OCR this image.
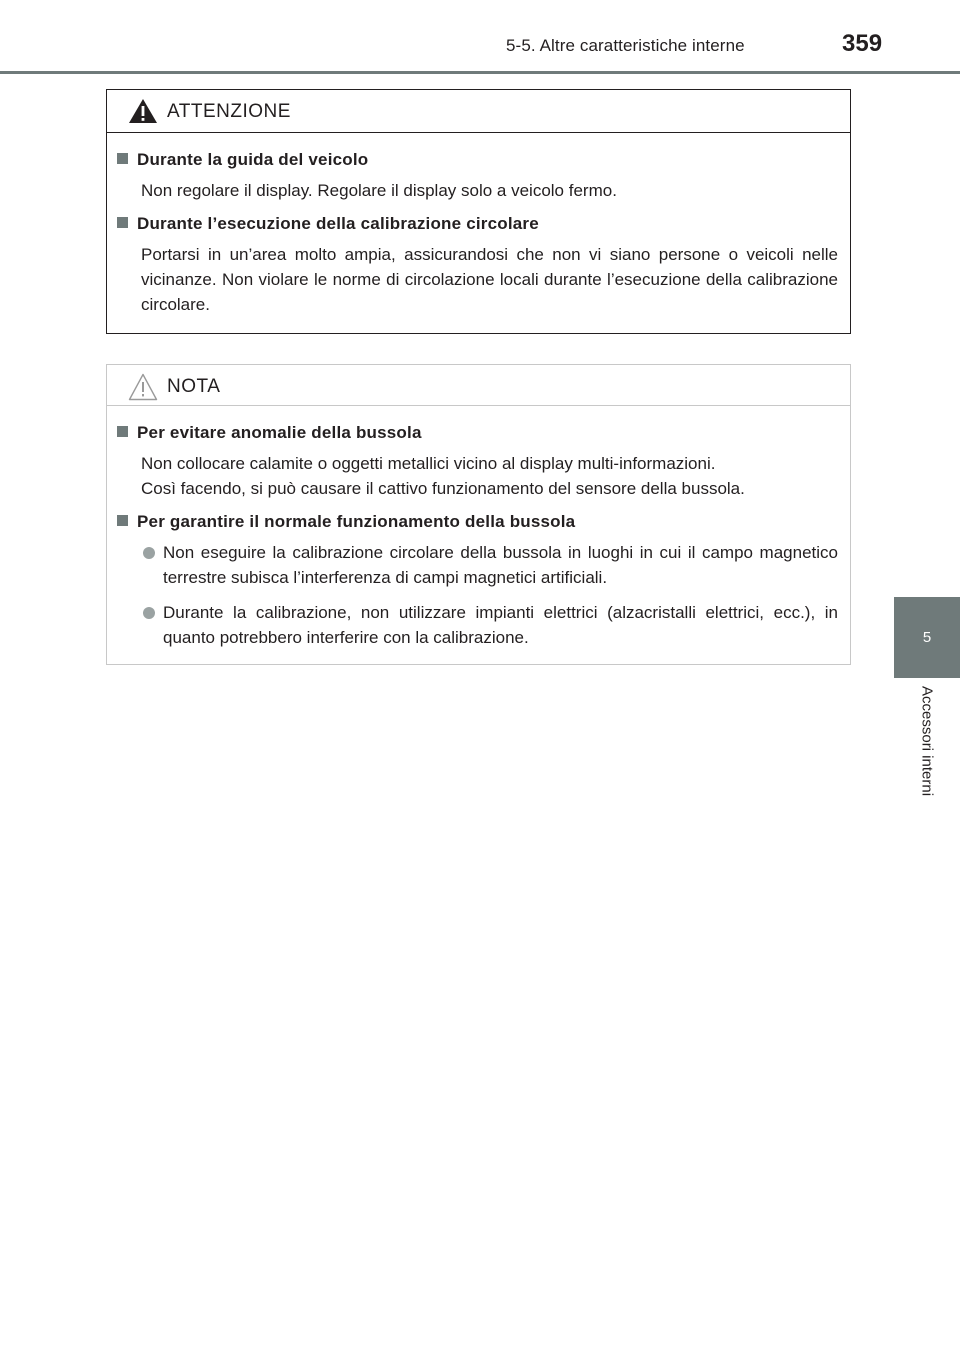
5-5. Altre caratteristiche interne	359
5
Accessori interni
ATTENZIONE
Durante la guida del veicolo
Non regolare il display. Regolare il display solo a veicolo fermo.
Durante l’esecuzione della calibrazione circolare
Portarsi in un’area molto ampia, assicurandosi che non vi siano persone o veicoli nelle vicinanze. Non violare le norme di circolazione locali durante l’esecuzione della calibrazione circolare.
NOTA
Per evitare anomalie della bussola
Non collocare calamite o oggetti metallici vicino al display multi-informazioni.
Così facendo, si può causare il cattivo funzionamento del sensore della bussola.
Per garantire il normale funzionamento della bussola
Non eseguire la calibrazione circolare della bussola in luoghi in cui il campo magnetico terrestre subisca l’interferenza di campi magnetici artificiali.
Durante la calibrazione, non utilizzare impianti elettrici (alzacristalli elettrici, ecc.), in quanto potrebbero interferire con la calibrazione.
